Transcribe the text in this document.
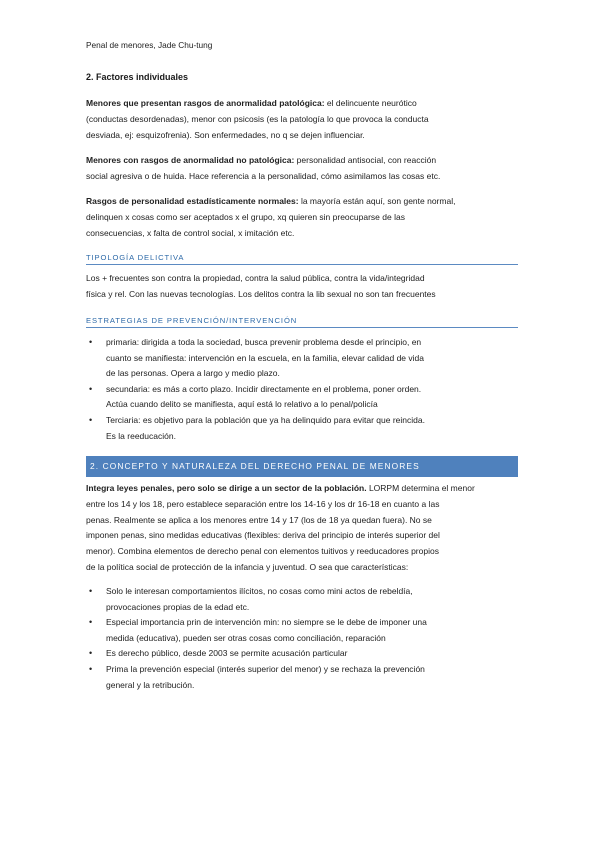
Penal de menores, Jade Chu-tung
2. Factores individuales

Menores que presentan rasgos de anormalidad patológica: el delincuente neurótico
(conductas desordenadas), menor con psicosis (es la patología lo que provoca la conducta
desviada, ej: esquizofrenia). Son enfermedades, no q se dejen influenciar.

Menores con rasgos de anormalidad no patológica: personalidad antisocial, con reacción
social agresiva o de huida. Hace referencia a la personalidad, cómo asimilamos las cosas etc.

Rasgos de personalidad estadísticamente normales: la mayoría están aquí, son gente normal,
delinquen x cosas como ser aceptados x el grupo, xq quieren sin preocuparse de las
consecuencias, x falta de control social, x imitación etc.

TIPOLOGÍA DELICTIVA

Los + frecuentes son contra la propiedad, contra la salud pública, contra la vida/integridad
física y rel. Con las nuevas tecnologías. Los delitos contra la lib sexual no son tan frecuentes

ESTRATEGIAS DE PREVENCIÓN/INTERVENCIÓN
• primaria: dirigida a toda la sociedad, busca prevenir problema desde el principio, en
cuanto se manifiesta: intervención en la escuela, en la familia, elevar calidad de vida
de las personas. Opera a largo y medio plazo.
• secundaria: es más a corto plazo. Incidir directamente en el problema, poner orden.
Actúa cuando delito se manifiesta, aquí está lo relativo a lo penal/policía
• Terciaria: es objetivo para la población que ya ha delinquido para evitar que reincida.
Es la reeducación.
2. CONCEPTO Y NATURALEZA DEL DERECHO PENAL DE MENORES

Integra leyes penales, pero solo se dirige a un sector de la población. LORPM determina el menor
entre los 14 y los 18, pero establece separación entre los 14-16 y los dr 16-18 en cuanto a las
penas. Realmente se aplica a los menores entre 14 y 17 (los de 18 ya quedan fuera). No se
imponen penas, sino medidas educativas (flexibles: deriva del principio de interés superior del
menor). Combina elementos de derecho penal con elementos tuitivos y reeducadores propios
de la política social de protección de la infancia y juventud. O sea que características:

• Solo le interesan comportamientos ilícitos, no cosas como mini actos de rebeldía,
provocaciones propias de la edad etc.
• Especial importancia prin de intervención min: no siempre se le debe de imponer una
medida (educativa), pueden ser otras cosas como conciliación, reparación
• Es derecho público, desde 2003 se permite acusación particular
• Prima la prevención especial (interés superior del menor) y se rechaza la prevención
general y la retribución.
